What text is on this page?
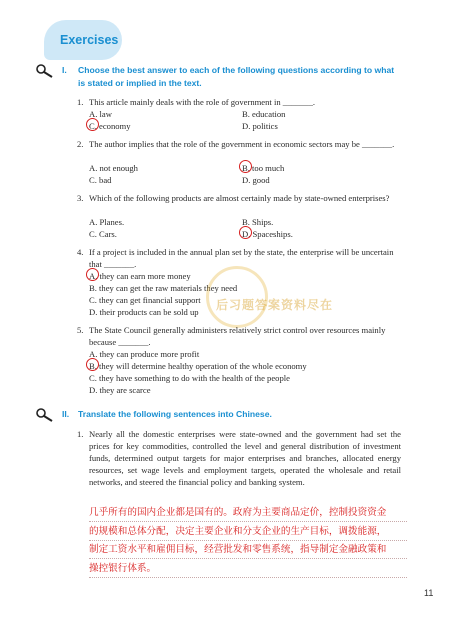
Exercises
I. Choose the best answer to each of the following questions according to what is stated or implied in the text.
1. This article mainly deals with the role of government in _______.
A. law	B. education
C. economy	D. politics
2. The author implies that the role of the government in economic sectors may be _______.
A. not enough	B. too much
C. bad	D. good
3. Which of the following products are almost certainly made by state-owned enterprises?
A. Planes.	B. Ships.
C. Cars.	D. Spaceships.
4. If a project is included in the annual plan set by the state, the enterprise will be uncertain that _______.
A. they can earn more money
B. they can get the raw materials they need
C. they can get financial support
D. their products can be sold up 后习题答案资料尽在
5. The State Council generally administers relatively strict control over resources mainly because _______.
A. they can produce more profit
B. they will determine healthy operation of the whole economy
C. they have something to do with the health of the people
D. they are scarce
II. Translate the following sentences into Chinese.
1. Nearly all the domestic enterprises were state-owned and the government had set the prices for key commodities, controlled the level and general distribution of investment funds, determined output targets for major enterprises and branches, allocated energy resources, set wage levels and employment targets, operated the wholesale and retail networks, and steered the financial policy and banking system.
几乎所有的国内企业都是国有的。政府为主要商品定价，控制投资资金
的规模和总体分配，决定主要企业和分支企业的生产目标，调拨能源，
制定工资水平和雇佣目标，经营批发和零售系统，指导制定金融政策和
操控银行体系。
11
